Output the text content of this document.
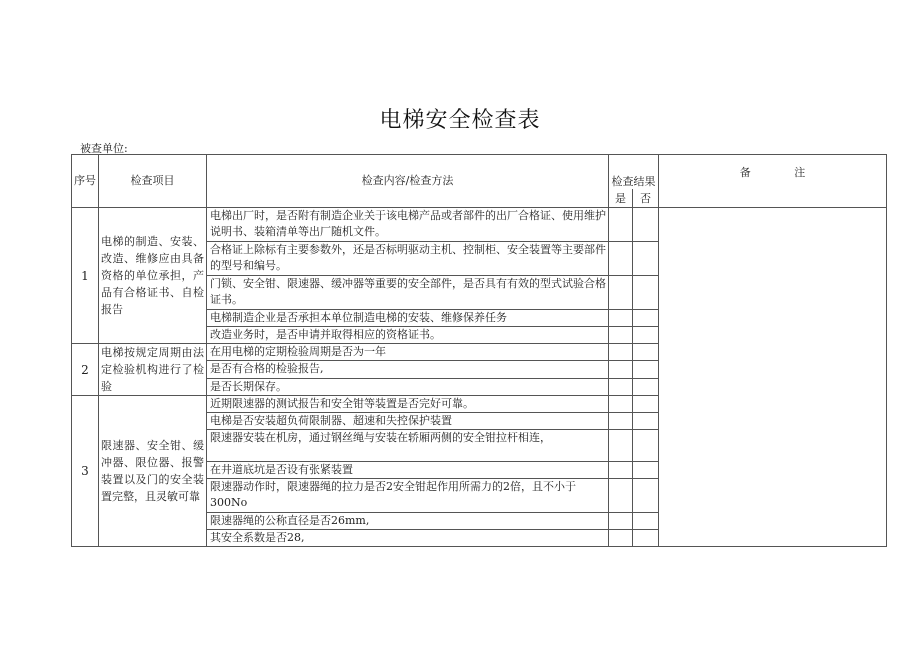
电梯安全检查表
被查单位:
序号	检查项目	检查内容/检查方法	检查结果		备 注
			是	否	
1	电梯的制造、安装、改造、维修应由具备资格的单位承担，产品有合格证书、自检报告	电梯出厂时，是否附有制造企业关于该电梯产品或者部件的出厂合格证、使用维护说明书、装箱清单等出厂随机文件。			
		合格证上除标有主要参数外，还是否标明驱动主机、控制柜、安全装置等主要部件的型号和编号。			
		门锁、安全钳、限速器、缓冲器等重要的安全部件，是否具有有效的型式试验合格证书。			
		电梯制造企业是否承担本单位制造电梯的安装、维修保养任务			
		改造业务时，是否申请并取得相应的资格证书。			
2	电梯按规定周期由法定检验机构进行了检验	在用电梯的定期检验周期是否为一年			
		是否有合格的检验报告,			
		是否长期保存。			
3	限速器、安全钳、缓冲器、限位器、报警装置以及门的安全装置完整，且灵敏可靠	近期限速器的测试报告和安全钳等装置是否完好可靠。			
		电梯是否安装超负荷限制器、超速和失控保护装置			
		限速器安装在机房，通过钢丝绳与安装在轿厢两侧的安全钳拉杆相连，			
		在井道底坑是否设有张紧装置			
		限速器动作时，限速器绳的拉力是否2安全钳起作用所需力的2倍，且不小于300No			
		限速器绳的公称直径是否26mm,			
		其安全系数是否28,			
